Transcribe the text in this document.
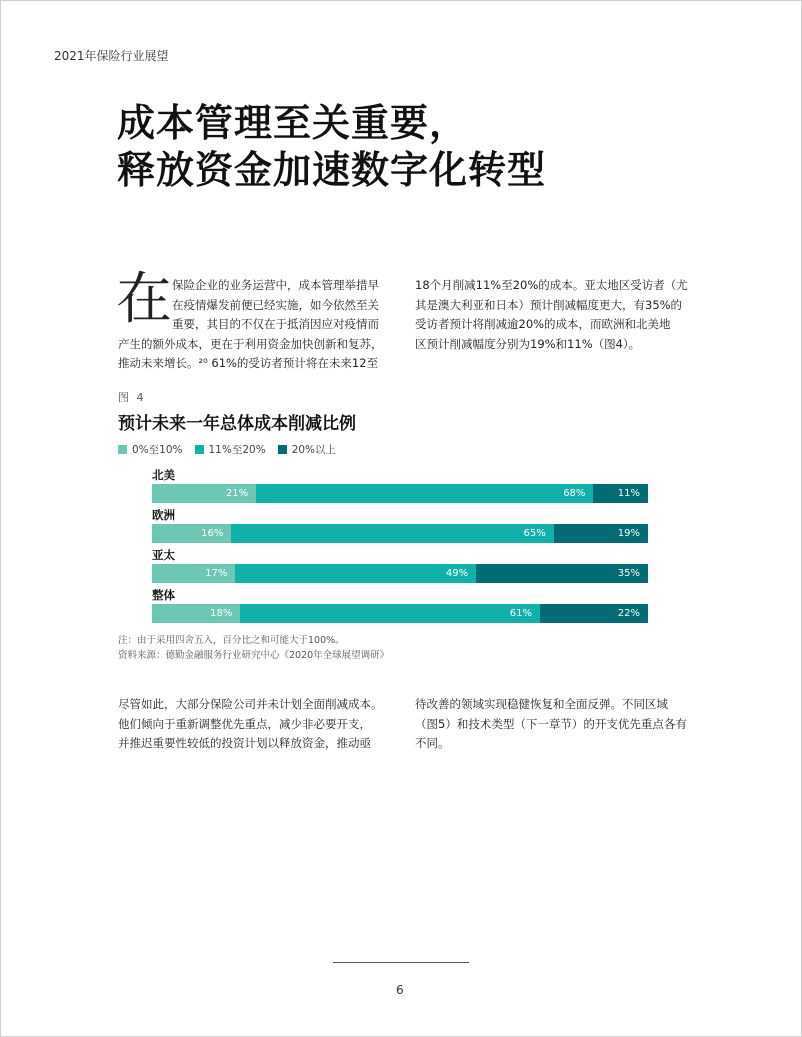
2021年保险行业展望
成本管理至关重要，
释放资金加速数字化转型
在 保险企业的业务运营中，成本管理举措早
在疫情爆发前便已经实施，如今依然至关
重要，其目的不仅在于抵消因应对疫情而
产生的额外成本，更在于利用资金加快创新和复苏，
推动未来增长。²⁰ 61%的受访者预计将在未来12至
18个月削减11%至20%的成本。亚太地区受访者（尤
其是澳大利亚和日本）预计削减幅度更大，有35%的
受访者预计将削减逾20%的成本，而欧洲和北美地
区预计削减幅度分别为19%和11%（图4）。
图 4
预计未来一年总体成本削减比例
0%至10% 11%至20% 20%以上
北美
21%	68%	11%
欧洲
16%	65%	19%
亚太
17%	49%	35%
整体
18%	61%	22%
注：由于采用四舍五入，百分比之和可能大于100%。
资料来源：德勤金融服务行业研究中心《2020年全球展望调研》
尽管如此，大部分保险公司并未计划全面削减成本。
他们倾向于重新调整优先重点，减少非必要开支，
并推迟重要性较低的投资计划以释放资金，推动亟
待改善的领域实现稳健恢复和全面反弹。不同区域
（图5）和技术类型（下一章节）的开支优先重点各有
不同。
6
